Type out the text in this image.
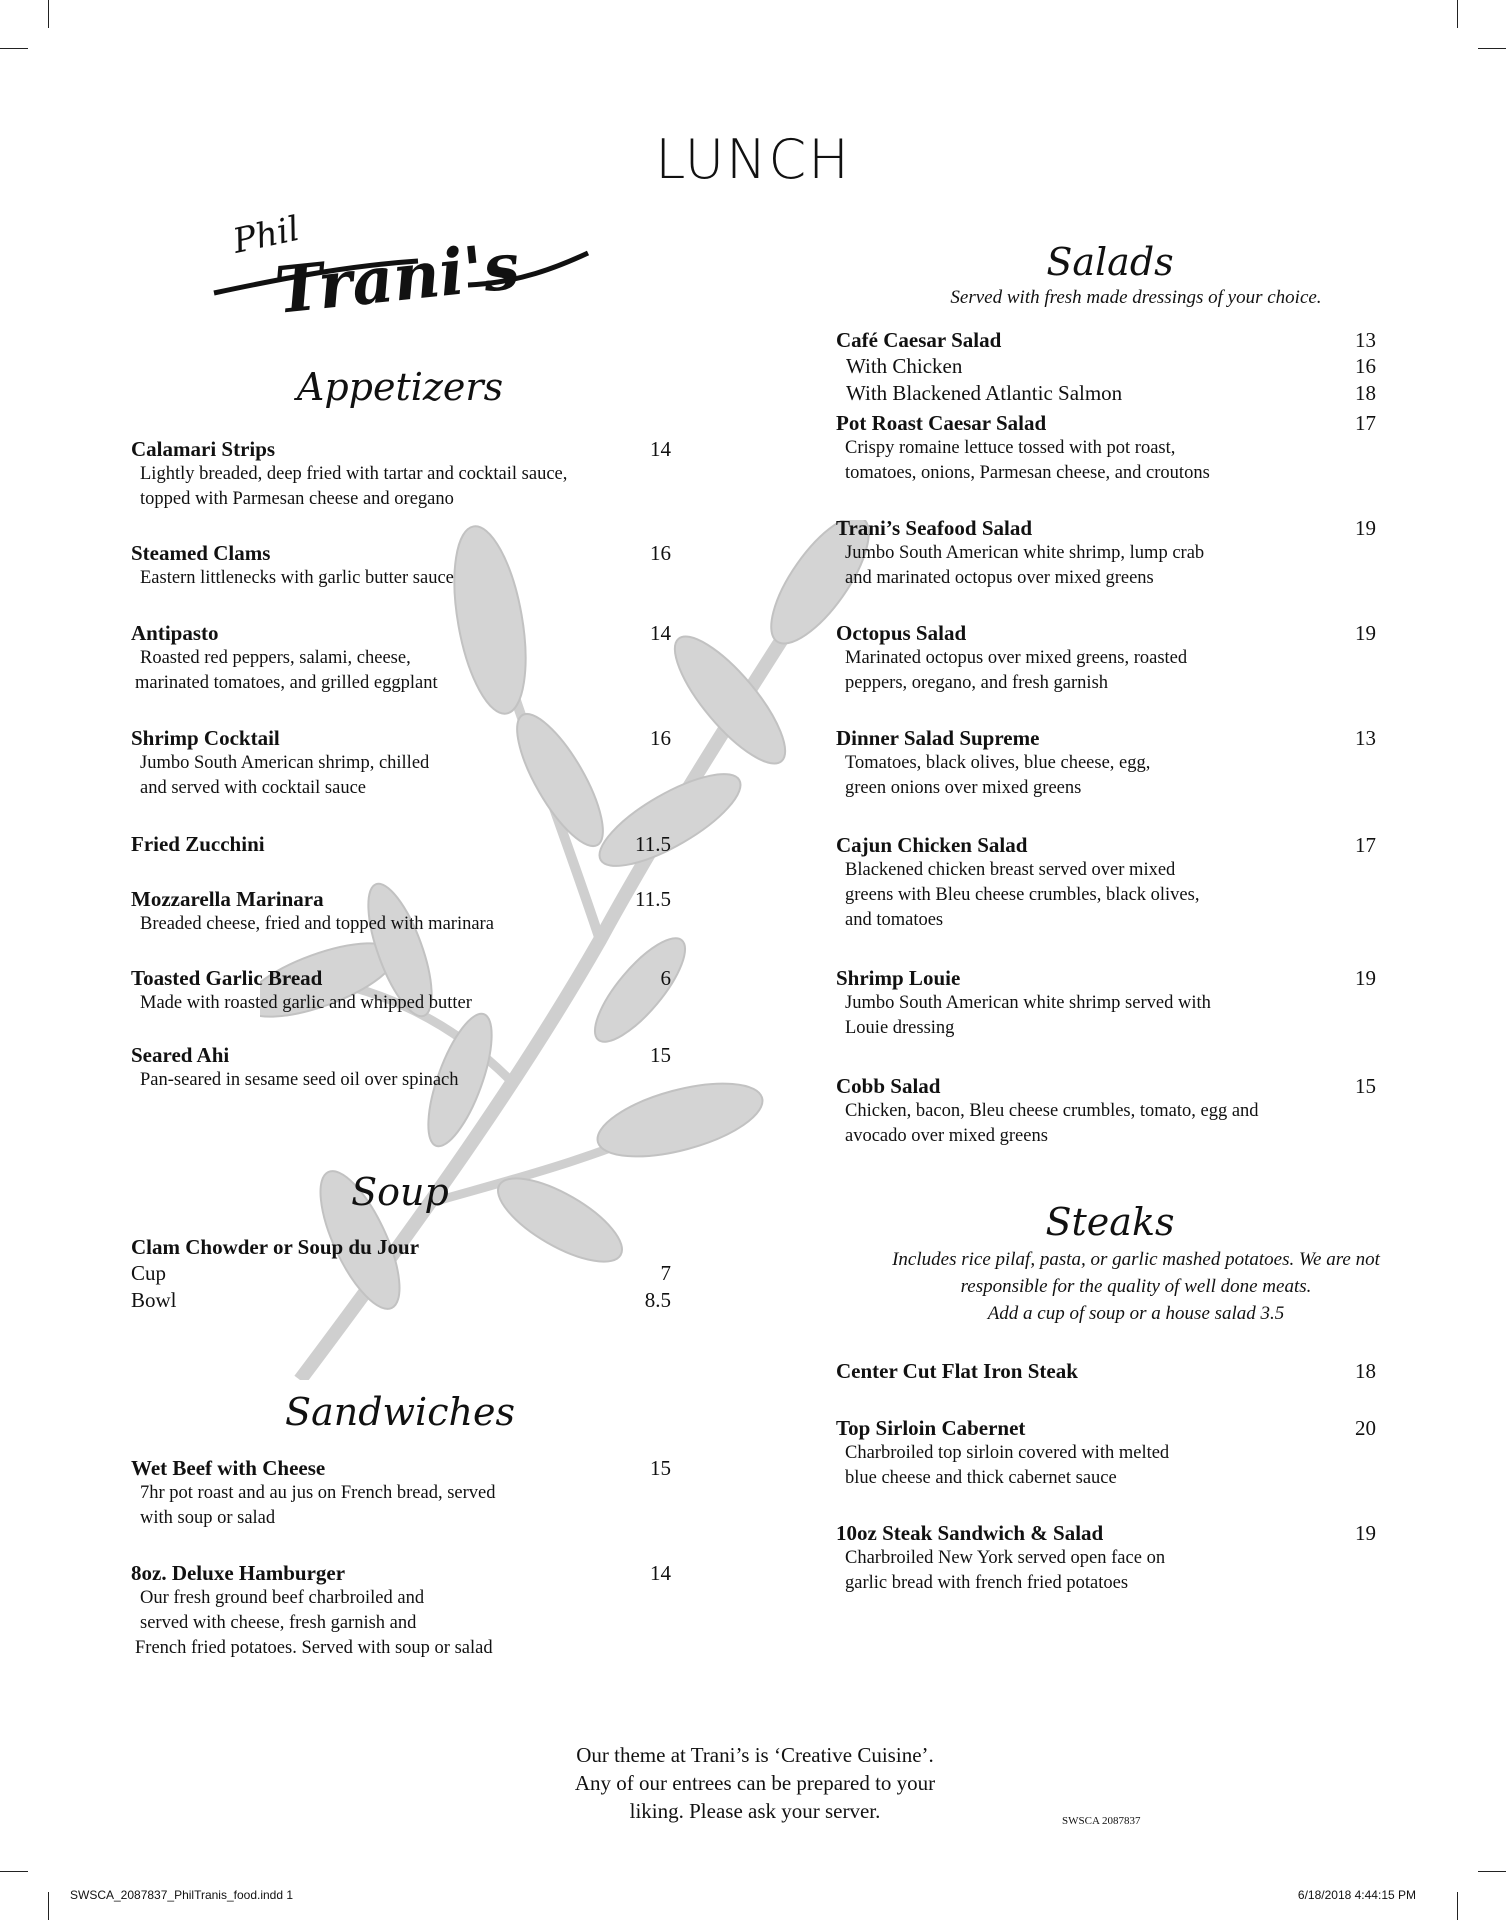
LUNCH
Phil
Trani's
Appetizers
Calamari Strips	14
Lightly breaded, deep fried with tartar and cocktail sauce,
topped with Parmesan cheese and oregano
Steamed Clams	16
Eastern littlenecks with garlic butter sauce
Antipasto	14
Roasted red peppers, salami, cheese,
marinated tomatoes, and grilled eggplant
Shrimp Cocktail	16
Jumbo South American shrimp, chilled
and served with cocktail sauce
Fried Zucchini	11.5
Mozzarella Marinara	11.5
Breaded cheese, fried and topped with marinara
Toasted Garlic Bread	6
Made with roasted garlic and whipped butter
Seared Ahi	15
Pan-seared in sesame seed oil over spinach
Soup
Clam Chowder or Soup du Jour
Cup	7
Bowl	8.5
Sandwiches
Wet Beef with Cheese	15
7hr pot roast and au jus on French bread, served
with soup or salad
8oz. Deluxe Hamburger	14
Our fresh ground beef charbroiled and
served with cheese, fresh garnish and
French fried potatoes. Served with soup or salad
Salads
Served with fresh made dressings of your choice.
Café Caesar Salad	13
With Chicken	16
With Blackened Atlantic Salmon	18
Pot Roast Caesar Salad	17
Crispy romaine lettuce tossed with pot roast,
tomatoes, onions, Parmesan cheese, and croutons
Trani’s Seafood Salad	19
Jumbo South American white shrimp, lump crab
and marinated octopus over mixed greens
Octopus Salad	19
Marinated octopus over mixed greens, roasted
peppers, oregano, and fresh garnish
Dinner Salad Supreme	13
Tomatoes, black olives, blue cheese, egg,
green onions over mixed greens
Cajun Chicken Salad	17
Blackened chicken breast served over mixed
greens with Bleu cheese crumbles, black olives,
and tomatoes
Shrimp Louie	19
Jumbo South American white shrimp served with
Louie dressing
Cobb Salad	15
Chicken, bacon, Bleu cheese crumbles, tomato, egg and
avocado over mixed greens
Steaks
Includes rice pilaf, pasta, or garlic mashed potatoes. We are not
responsible for the quality of well done meats.
Add a cup of soup or a house salad 3.5
Center Cut Flat Iron Steak	18
Top Sirloin Cabernet	20
Charbroiled top sirloin covered with melted
blue cheese and thick cabernet sauce
10oz Steak Sandwich & Salad	19
Charbroiled New York served open face on
garlic bread with french fried potatoes
Our theme at Trani’s is ‘Creative Cuisine’.
Any of our entrees can be prepared to your
liking. Please ask your server.	SWSCA 2087837
SWSCA_2087837_PhilTranis_food.indd 1	6/18/2018 4:44:15 PM
